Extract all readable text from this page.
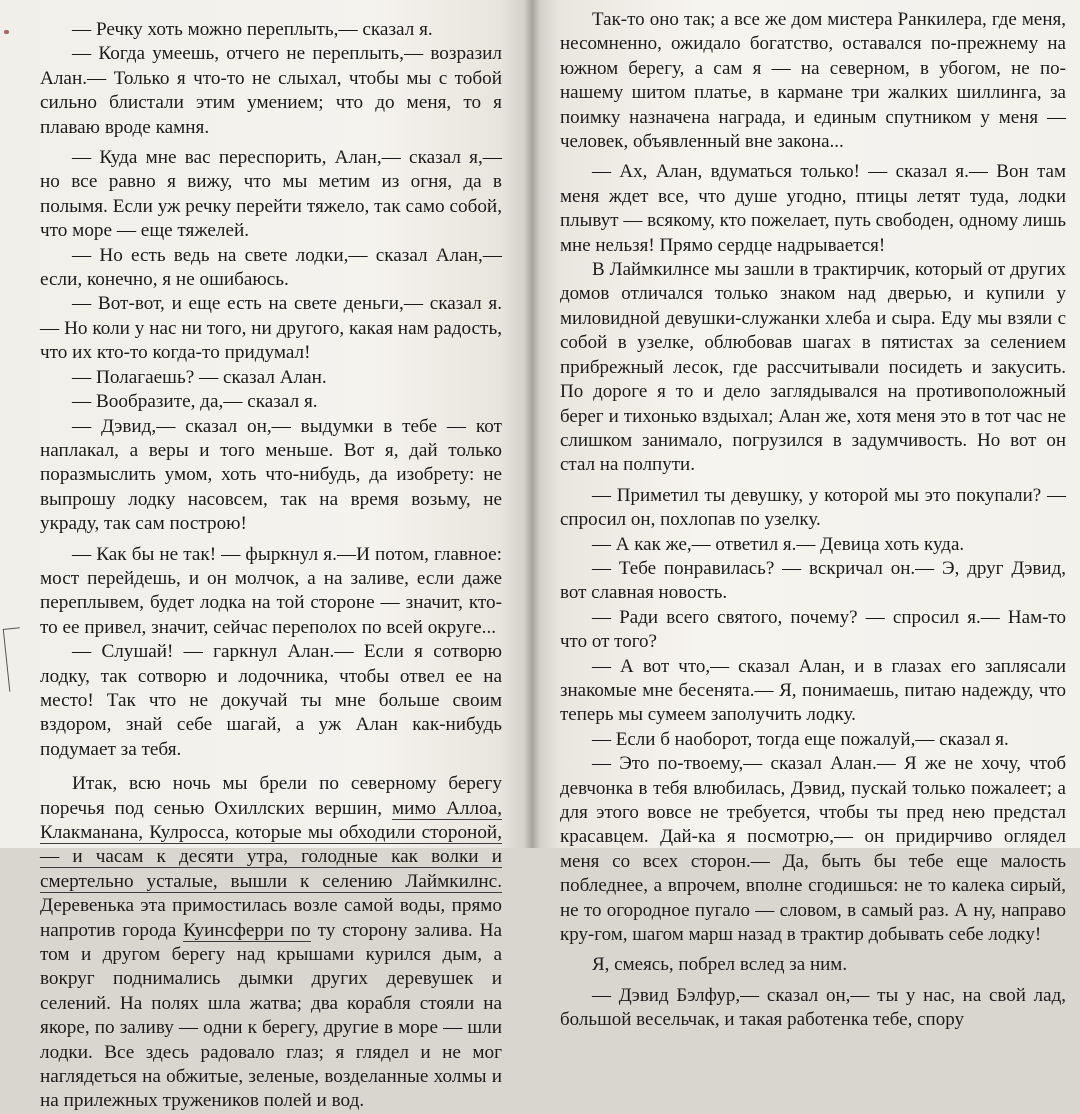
— Речку хоть можно переплыть,— сказал я.

— Когда умеешь, отчего не переплыть,— возразил Алан.— Только я что-то не слыхал, чтобы мы с тобой сильно блистали этим умением; что до меня, то я плаваю вроде камня.

— Куда мне вас переспорить, Алан,— сказал я,— но все равно я вижу, что мы метим из огня, да в полымя. Если уж речку перейти тяжело, так само собой, что море — еще тяжелей.

— Но есть ведь на свете лодки,— сказал Алан,— если, конечно, я не ошибаюсь.

— Вот-вот, и еще есть на свете деньги,— сказал я.— Но коли у нас ни того, ни другого, какая нам радость, что их кто-то когда-то придумал!

— Полагаешь? — сказал Алан.

— Вообразите, да,— сказал я.

— Дэвид,— сказал он,— выдумки в тебе — кот наплакал, а веры и того меньше. Вот я, дай только поразмыслить умом, хоть что-нибудь, да изобрету: не выпрошу лодку насовсем, так на время возьму, не украду, так сам построю!

— Как бы не так! — фыркнул я.—И потом, главное: мост перейдешь, и он молчок, а на заливе, если даже переплывем, будет лодка на той стороне — значит, кто-то ее привел, значит, сейчас переполох по всей округе...

— Слушай! — гаркнул Алан.— Если я сотворю лодку, так сотворю и лодочника, чтобы отвел ее на место! Так что не докучай ты мне больше своим вздором, знай себе шагай, а уж Алан как-нибудь подумает за тебя.

Итак, всю ночь мы брели по северному берегу поречья под сенью Охиллских вершин, мимо Аллоа, Клакманана, Кулросса, которые мы обходили стороной,— и часам к десяти утра, голодные как волки и смертельно усталые, вышли к селению Лаймкилнс. Деревенька эта примостилась возле самой воды, прямо напротив города Куинсферри по ту сторону залива. На том и другом берегу над крышами курился дым, а вокруг поднимались дымки других деревушек и селений. На полях шла жатва; два корабля стояли на якоре, по заливу — одни к берегу, другие в море — шли лодки. Все здесь радовало глаз; я глядел и не мог наглядеться на обжитые, зеленые, возделанные холмы и на прилежных тружеников полей и вод.

Так-то оно так; а все же дом мистера Ранкилера, где меня, несомненно, ожидало богатство, оставался по-прежнему на южном берегу, а сам я — на северном, в убогом, не по-нашему шитом платье, в кармане три жалких шиллинга, за поимку назначена награда, и единым спутником у меня — человек, объявленный вне закона...

— Ах, Алан, вдуматься только! — сказал я.— Вон там меня ждет все, что душе угодно, птицы летят туда, лодки плывут — всякому, кто пожелает, путь свободен, одному лишь мне нельзя! Прямо сердце надрывается!

В Лаймкилнсе мы зашли в трактирчик, который от других домов отличался только знаком над дверью, и купили у миловидной девушки-служанки хлеба и сыра. Еду мы взяли с собой в узелке, облюбовав шагах в пятистах за селением прибрежный лесок, где рассчитывали посидеть и закусить. По дороге я то и дело заглядывался на противоположный берег и тихонько вздыхал; Алан же, хотя меня это в тот час не слишком занимало, погрузился в задумчивость. Но вот он стал на полпути.

— Приметил ты девушку, у которой мы это покупали? — спросил он, похлопав по узелку.

— А как же,— ответил я.— Девица хоть куда.

— Тебе понравилась? — вскричал он.— Э, друг Дэвид, вот славная новость.

— Ради всего святого, почему? — спросил я.— Нам-то что от того?

— А вот что,— сказал Алан, и в глазах его заплясали знакомые мне бесенята.— Я, понимаешь, питаю надежду, что теперь мы сумеем заполучить лодку.

— Если б наоборот, тогда еще пожалуй,— сказал я.

— Это по-твоему,— сказал Алан.— Я же не хочу, чтоб девчонка в тебя влюбилась, Дэвид, пускай только пожалеет; а для этого вовсе не требуется, чтобы ты пред нею предстал красавцем. Дай-ка я посмотрю,— он придирчиво оглядел меня со всех сторон.— Да, быть бы тебе еще малость побледнее, а впрочем, вполне сгодишься: не то калека сирый, не то огородное пугало — словом, в самый раз. А ну, направо кру-гом, шагом марш назад в трактир добывать себе лодку!

Я, смеясь, побрел вслед за ним.

— Дэвид Бэлфур,— сказал он,— ты у нас, на свой лад, большой весельчак, и такая работенка тебе, спору
